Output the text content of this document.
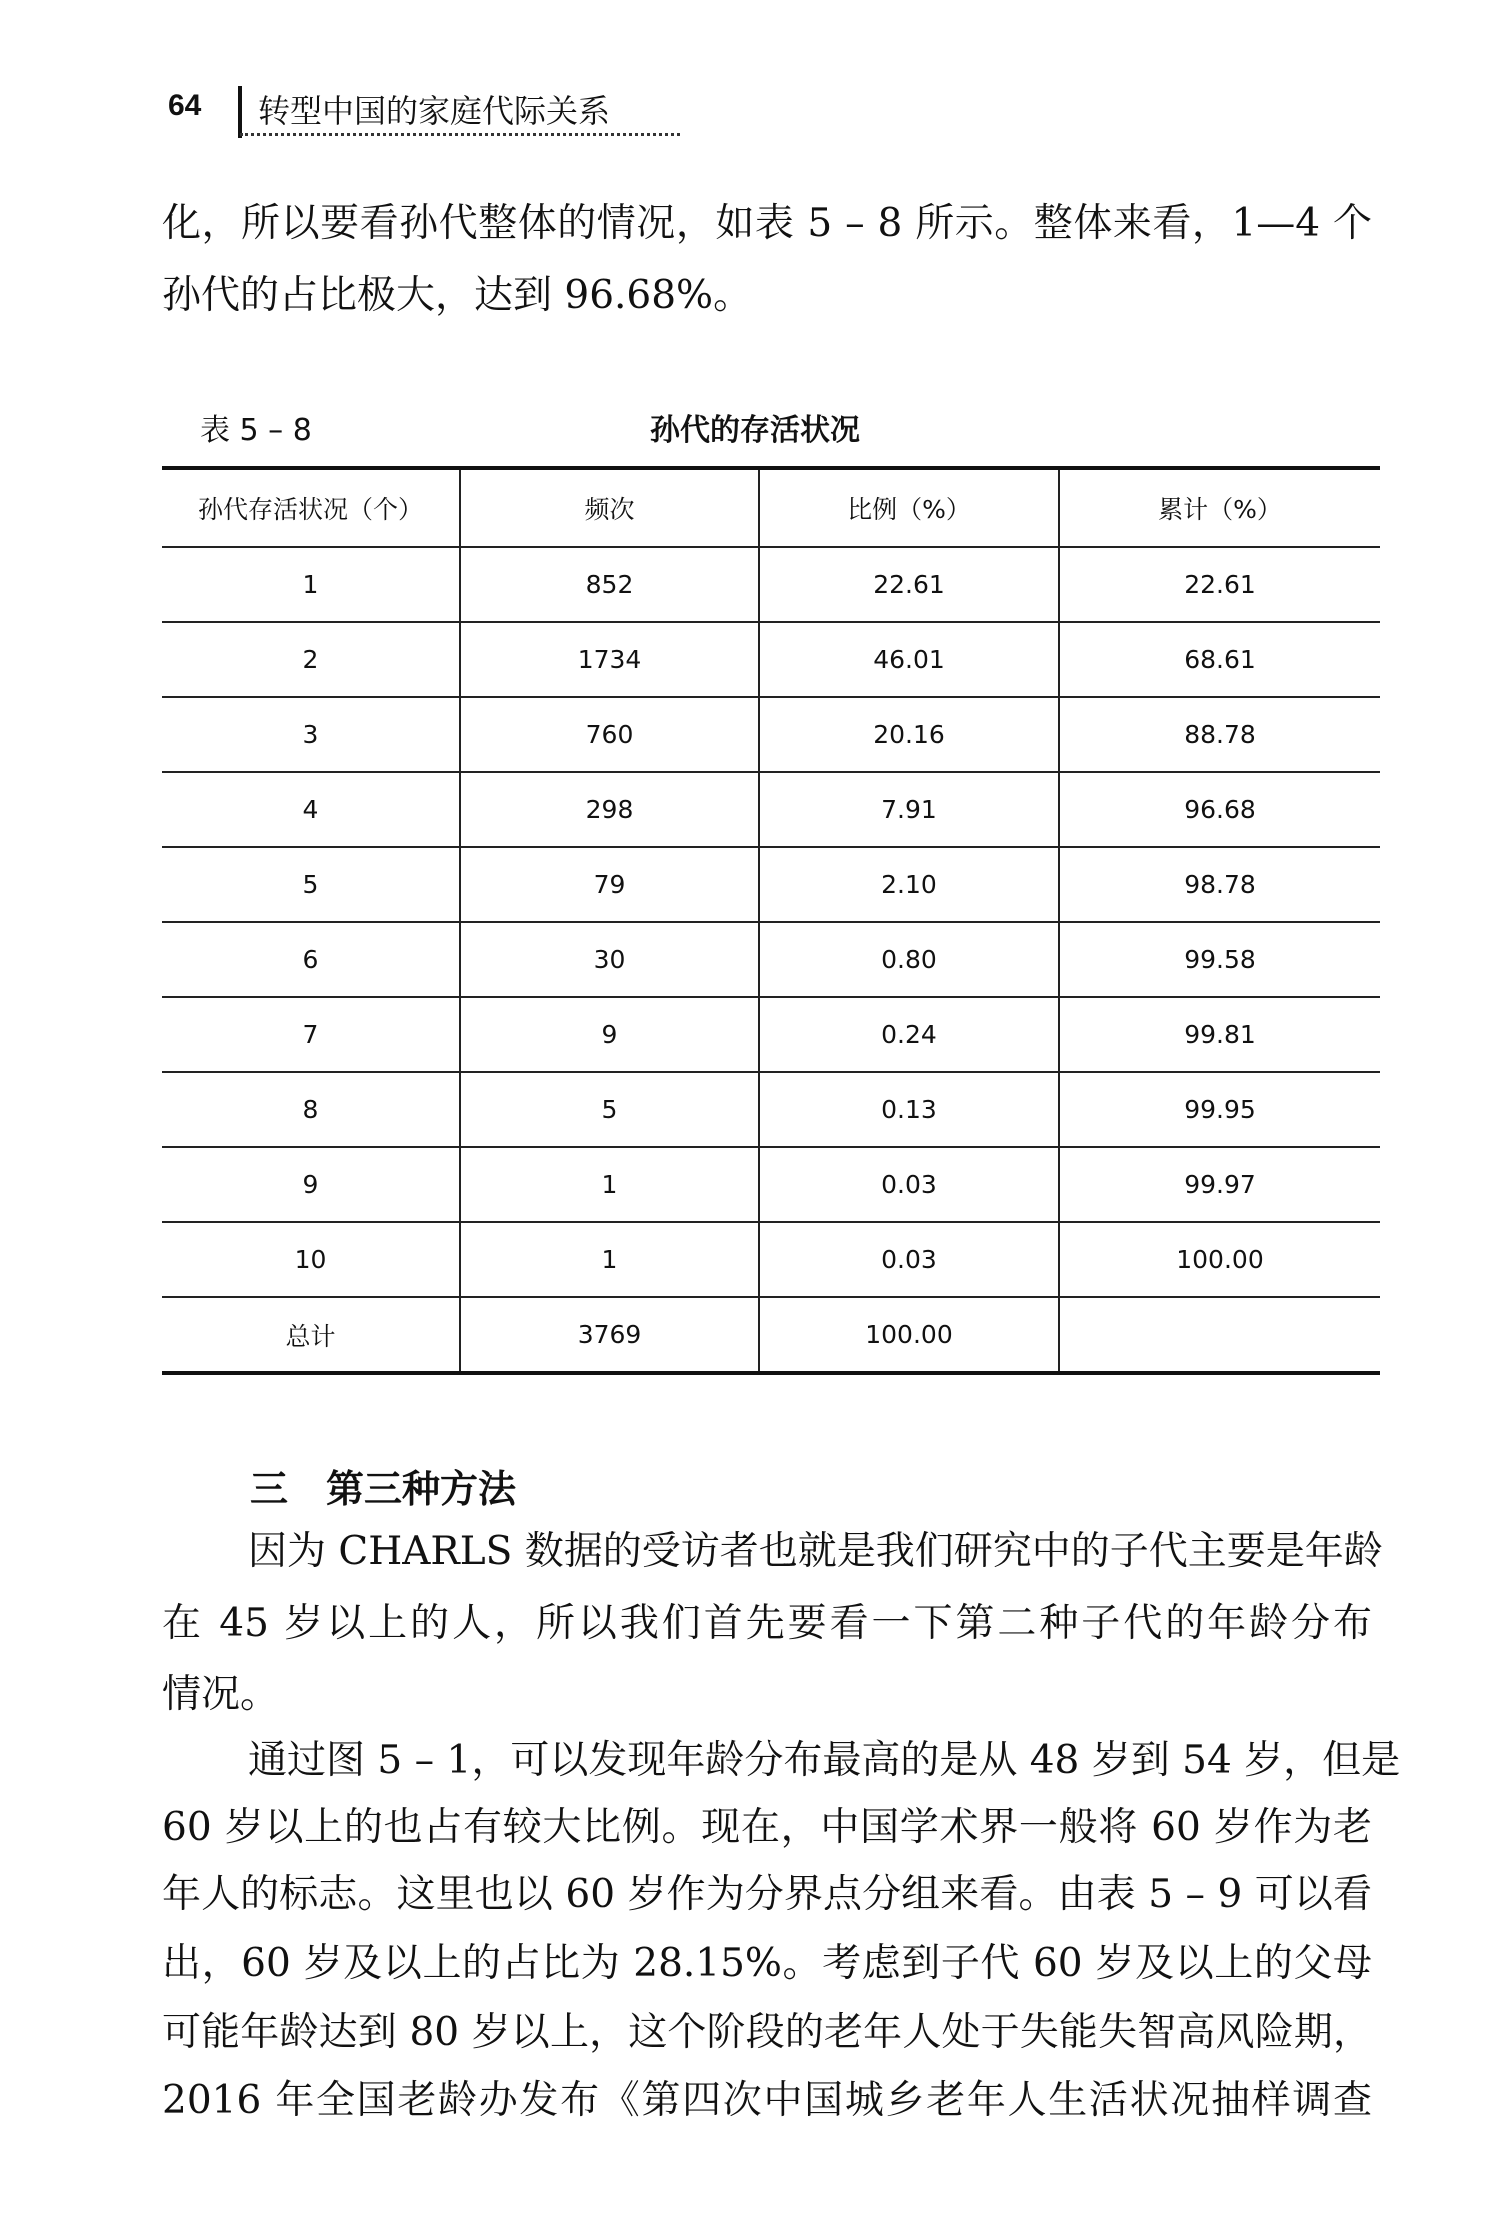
64	转型中国的家庭代际关系
化，所以要看孙代整体的情况，如表 5 – 8 所示。整体来看，1—4 个
孙代的占比极大，达到 96.68%。
表 5 – 8	孙代的存活状况
孙代存活状况（个）	频次	比例（%）	累计（%）
1	852	22.61	22.61
2	1734	46.01	68.61
3	760	20.16	88.78
4	298	7.91	96.68
5	79	2.10	98.78
6	30	0.80	99.58
7	9	0.24	99.81
8	5	0.13	99.95
9	1	0.03	99.97
10	1	0.03	100.00
总计	3769	100.00	
三　第三种方法
因为 CHARLS 数据的受访者也就是我们研究中的子代主要是年龄
在 45 岁以上的人，所以我们首先要看一下第二种子代的年龄分布
情况。
通过图 5 – 1，可以发现年龄分布最高的是从 48 岁到 54 岁，但是
60 岁以上的也占有较大比例。现在，中国学术界一般将 60 岁作为老
年人的标志。这里也以 60 岁作为分界点分组来看。由表 5 – 9 可以看
出，60 岁及以上的占比为 28.15%。考虑到子代 60 岁及以上的父母
可能年龄达到 80 岁以上，这个阶段的老年人处于失能失智高风险期，
2016 年全国老龄办发布《第四次中国城乡老年人生活状况抽样调查
